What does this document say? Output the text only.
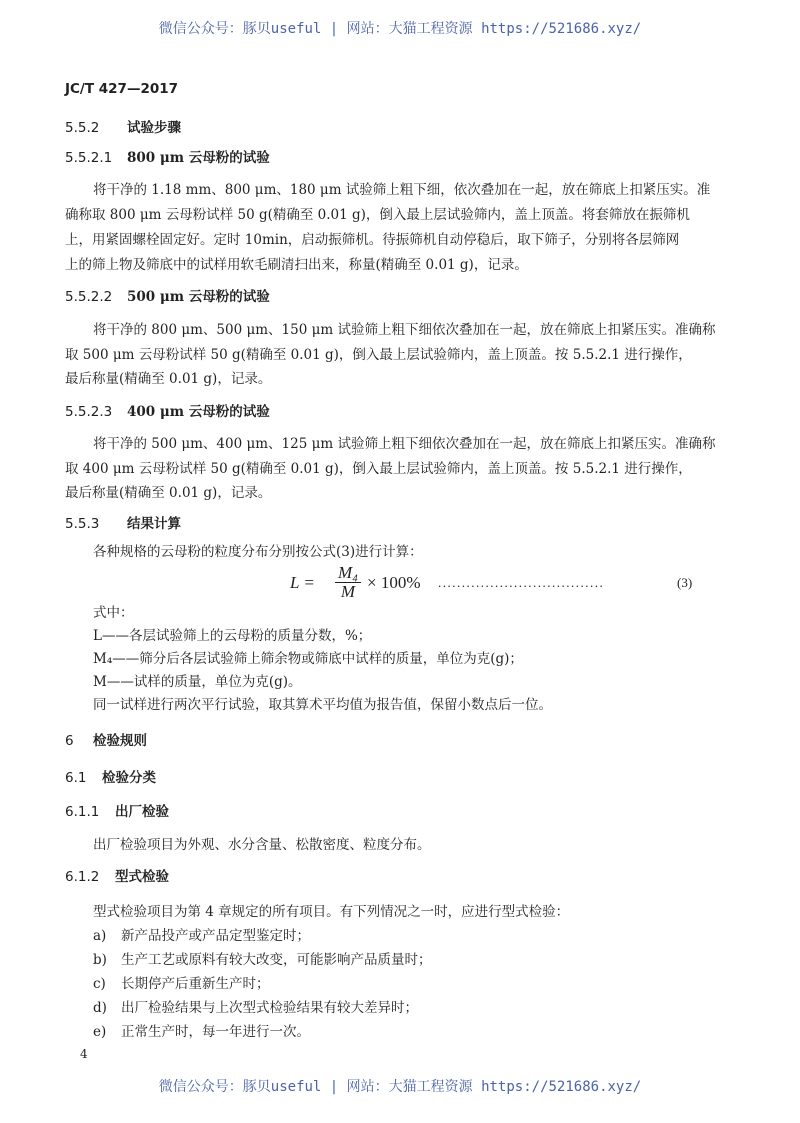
微信公众号：豚贝useful | 网站：大猫工程资源 https://521686.xyz/
JC/T 427—2017
5.5.2 试验步骤
5.5.2.1 800 μm 云母粉的试验
将干净的 1.18 mm、800 μm、180 μm 试验筛上粗下细，依次叠加在一起，放在筛底上扣紧压实。准
确称取 800 μm 云母粉试样 50 g(精确至 0.01 g)，倒入最上层试验筛内，盖上顶盖。将套筛放在振筛机
上，用紧固螺栓固定好。定时 10min，启动振筛机。待振筛机自动停稳后，取下筛子，分别将各层筛网
上的筛上物及筛底中的试样用软毛刷清扫出来，称量(精确至 0.01 g)，记录。
5.5.2.2 500 μm 云母粉的试验
将干净的 800 μm、500 μm、150 μm 试验筛上粗下细依次叠加在一起，放在筛底上扣紧压实。准确称
取 500 μm 云母粉试样 50 g(精确至 0.01 g)，倒入最上层试验筛内，盖上顶盖。按 5.5.2.1 进行操作，
最后称量(精确至 0.01 g)，记录。
5.5.2.3 400 μm 云母粉的试验
将干净的 500 μm、400 μm、125 μm 试验筛上粗下细依次叠加在一起，放在筛底上扣紧压实。准确称
取 400 μm 云母粉试样 50 g(精确至 0.01 g)，倒入最上层试验筛内，盖上顶盖。按 5.5.2.1 进行操作，
最后称量(精确至 0.01 g)，记录。
5.5.3 结果计算
各种规格的云母粉的粒度分布分别按公式(3)进行计算：
$L = \frac{\text{M₄}}{M} \times 100\%$ ...................................	(3)
式中：
L——各层试验筛上的云母粉的质量分数，%；
M₄——筛分后各层试验筛上筛余物或筛底中试样的质量，单位为克(g)；
M——试样的质量，单位为克(g)。
同一试样进行两次平行试验，取其算术平均值为报告值，保留小数点后一位。
6 检验规则
6.1 检验分类
6.1.1 出厂检验
出厂检验项目为外观、水分含量、松散密度、粒度分布。
6.1.2 型式检验
型式检验项目为第 4 章规定的所有项目。有下列情况之一时，应进行型式检验：
a) 新产品投产或产品定型鉴定时；
b) 生产工艺或原料有较大改变，可能影响产品质量时；
c) 长期停产后重新生产时；
d) 出厂检验结果与上次型式检验结果有较大差异时；
e) 正常生产时，每一年进行一次。
4
微信公众号：豚贝useful | 网站：大猫工程资源 https://521686.xyz/
